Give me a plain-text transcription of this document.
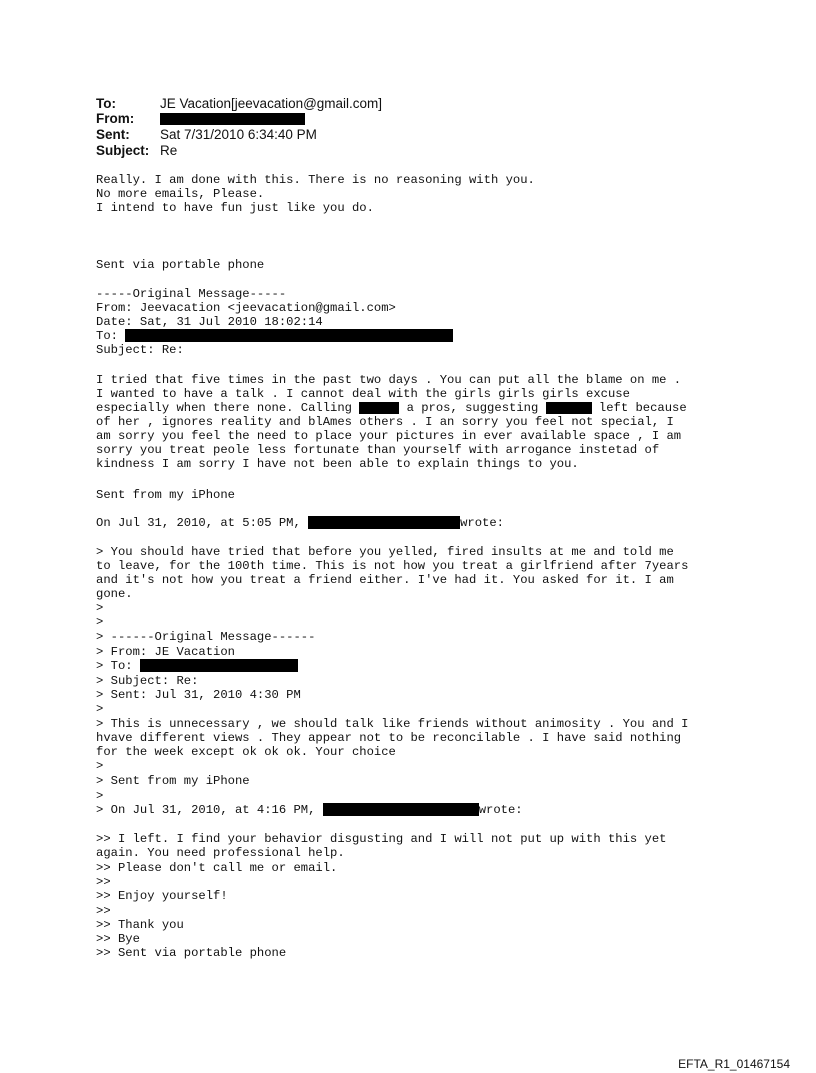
To:	JE Vacation[jeevacation@gmail.com]
From:
Sent: Sat 7/31/2010 6:34:40 PM
Subject: Re
Really. I am done with this. There is no reasoning with you.
No more emails, Please.
I intend to have fun just like you do.
Sent via portable phone
-----Original Message-----
From: Jeevacation <jeevacation@gmail.com>
Date: Sat, 31 Jul 2010 18:02:14
To:
Subject: Re:
I tried that five times in the past two days . You can put all the blame on me .
I wanted to have a talk . I cannot deal with the girls girls girls excuse
especially when there none. Calling	a pros, suggesting	left because
of her , ignores reality and blAmes others . I an sorry you feel not special, I
am sorry you feel the need to place your pictures in ever available space , I am
sorry you treat peole less fortunate than yourself with arrogance instetad of
kindness I am sorry I have not been able to explain things to you.
Sent from my iPhone
On Jul 31, 2010, at 5:05 PM,	wrote:
> You should have tried that before you yelled, fired insults at me and told me
to leave, for the 100th time. This is not how you treat a girlfriend after 7years
and it's not how you treat a friend either. I've had it. You asked for it. I am
gone.
>
>
> ------Original Message------
> From: JE Vacation
> To:
> Subject: Re:
> Sent: Jul 31, 2010 4:30 PM
>
> This is unnecessary , we should talk like friends without animosity . You and I
hvave different views . They appear not to be reconcilable . I have said nothing
for the week except ok ok ok. Your choice
>
> Sent from my iPhone
>
> On Jul 31, 2010, at 4:16 PM,	wrote:
>> I left. I find your behavior disgusting and I will not put up with this yet
again. You need professional help.
>> Please don't call me or email.
>>
>> Enjoy yourself!
>>
>> Thank you
>> Bye
>> Sent via portable phone
EFTA_R1_01467154
